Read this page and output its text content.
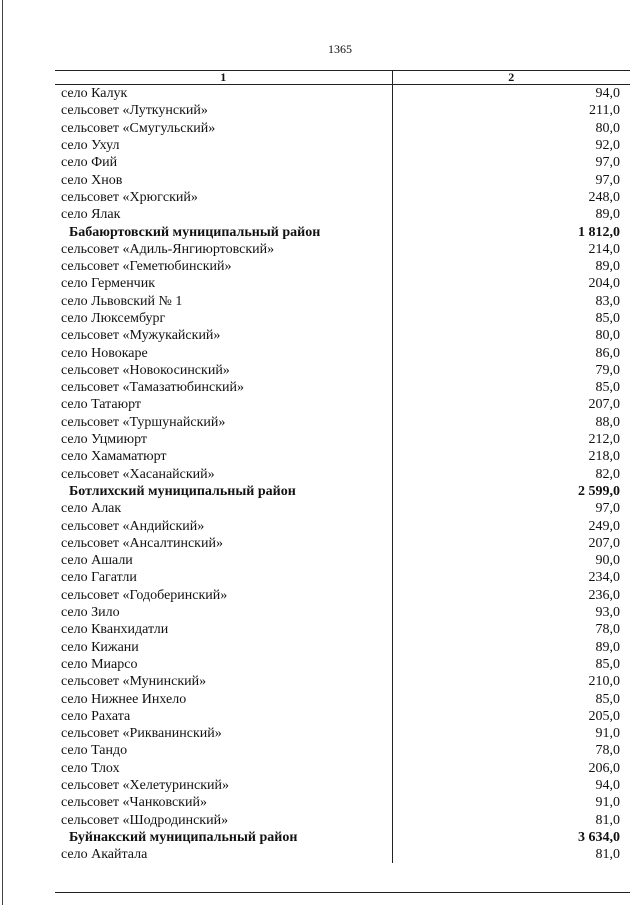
1365
1	2
село Калук	94,0
сельсовет «Луткунский»	211,0
сельсовет «Смугульский»	80,0
село Ухул	92,0
село Фий	97,0
село Хнов	97,0
сельсовет «Хрюгский»	248,0
село Ялак	89,0
Бабаюртовский муниципальный район	1 812,0
сельсовет «Адиль-Янгиюртовский»	214,0
сельсовет «Геметюбинский»	89,0
село Герменчик	204,0
село Львовский № 1	83,0
село Люксембург	85,0
сельсовет «Мужукайский»	80,0
село Новокаре	86,0
сельсовет «Новокосинский»	79,0
сельсовет «Тамазатюбинский»	85,0
село Татаюрт	207,0
сельсовет «Туршунайский»	88,0
село Уцмиюрт	212,0
село Хамаматюрт	218,0
сельсовет «Хасанайский»	82,0
Ботлихский муниципальный район	2 599,0
село Алак	97,0
сельсовет «Андийский»	249,0
сельсовет «Ансалтинский»	207,0
село Ашали	90,0
село Гагатли	234,0
сельсовет «Годоберинский»	236,0
село Зило	93,0
село Кванхидатли	78,0
село Кижани	89,0
село Миарсо	85,0
сельсовет «Мунинский»	210,0
село Нижнее Инхело	85,0
село Рахата	205,0
сельсовет «Рикванинский»	91,0
село Тандо	78,0
село Тлох	206,0
сельсовет «Хелетуринский»	94,0
сельсовет «Чанковский»	91,0
сельсовет «Шодродинский»	81,0
Буйнакский муниципальный район	3 634,0
село Акайтала	81,0
